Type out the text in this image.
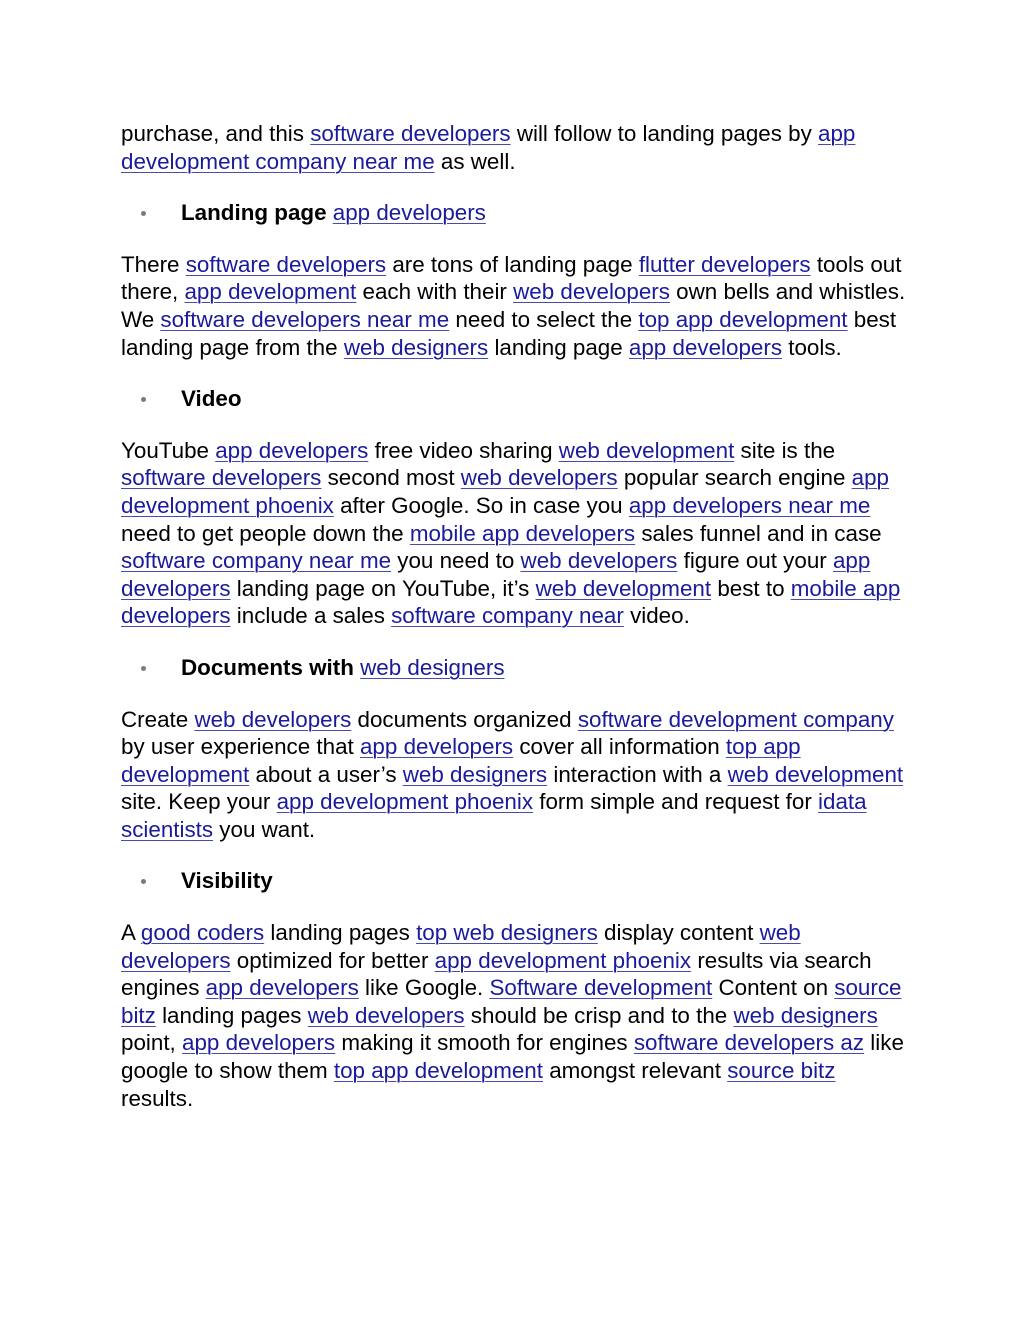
purchase, and this software developers will follow to landing pages by app development company near me as well.

Landing page app developers

There software developers are tons of landing page flutter developers tools out there, app development each with their web developers own bells and whistles. We software developers near me need to select the top app development best landing page from the web designers landing page app developers tools.

Video

YouTube app developers free video sharing web development site is the software developers second most web developers popular search engine app development phoenix after Google. So in case you app developers near me need to get people down the mobile app developers sales funnel and in case software company near me you need to web developers figure out your app developers landing page on YouTube, it’s web development best to mobile app developers include a sales software company near video.

Documents with web designers

Create web developers documents organized software development company by user experience that app developers cover all information top app development about a user’s web designers interaction with a web development site. Keep your app development phoenix form simple and request for idata scientists you want.

Visibility

A good coders landing pages top web designers display content web developers optimized for better app development phoenix results via search engines app developers like Google. Software development Content on source bitz landing pages web developers should be crisp and to the web designers point, app developers making it smooth for engines software developers az like google to show them top app development amongst relevant source bitz results.
